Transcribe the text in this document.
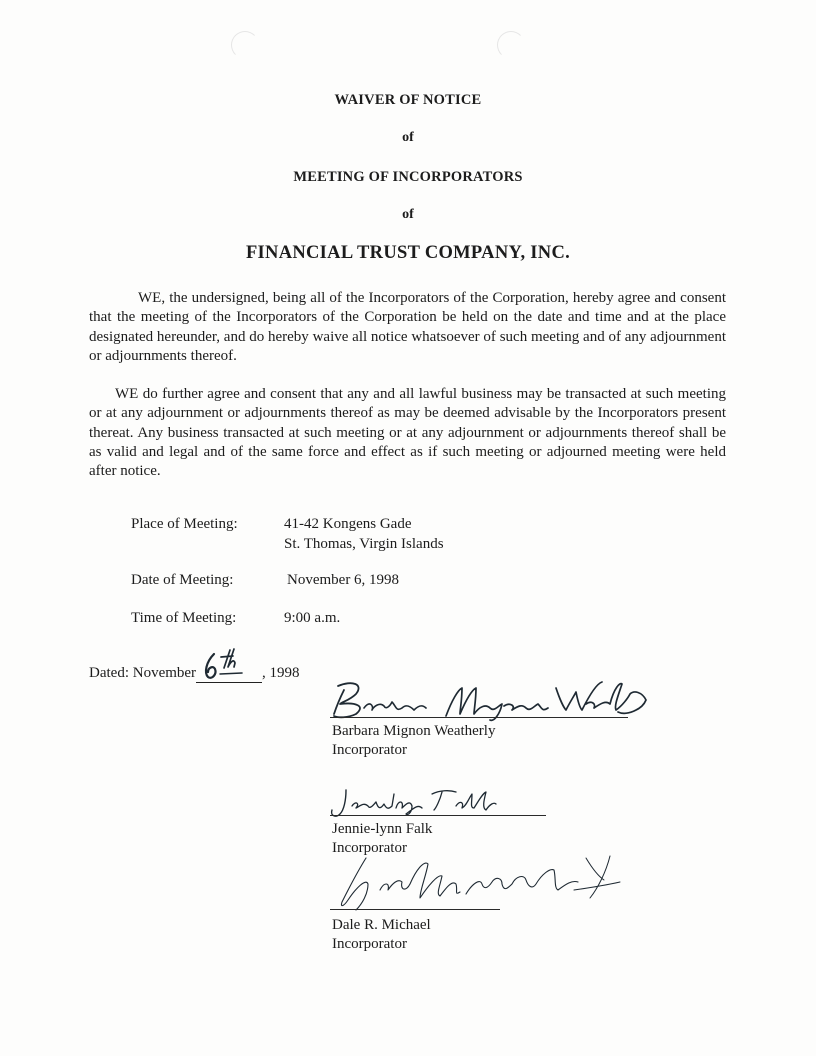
WAIVER OF NOTICE
of
MEETING OF INCORPORATORS
of
FINANCIAL TRUST COMPANY, INC.

WE, the undersigned, being all of the Incorporators of the Corporation, hereby agree and consent that the meeting of the Incorporators of the Corporation be held on the date and time and at the place designated hereunder, and do hereby waive all notice whatsoever of such meeting and of any adjournment or adjournments thereof.

WE do further agree and consent that any and all lawful business may be transacted at such meeting or at any adjournment or adjournments thereof as may be deemed advisable by the Incorporators present thereat. Any business transacted at such meeting or at any adjournment or adjournments thereof shall be as valid and legal and of the same force and effect as if such meeting or adjourned meeting were held after notice.

Place of Meeting:	41-42 Kongens Gade
St. Thomas, Virgin Islands
Date of Meeting:	November 6, 1998
Time of Meeting:	9:00 a.m.
Dated: November	, 1998
Barbara Mignon Weatherly
Incorporator
Jennie-lynn Falk
Incorporator
Dale R. Michael
Incorporator
